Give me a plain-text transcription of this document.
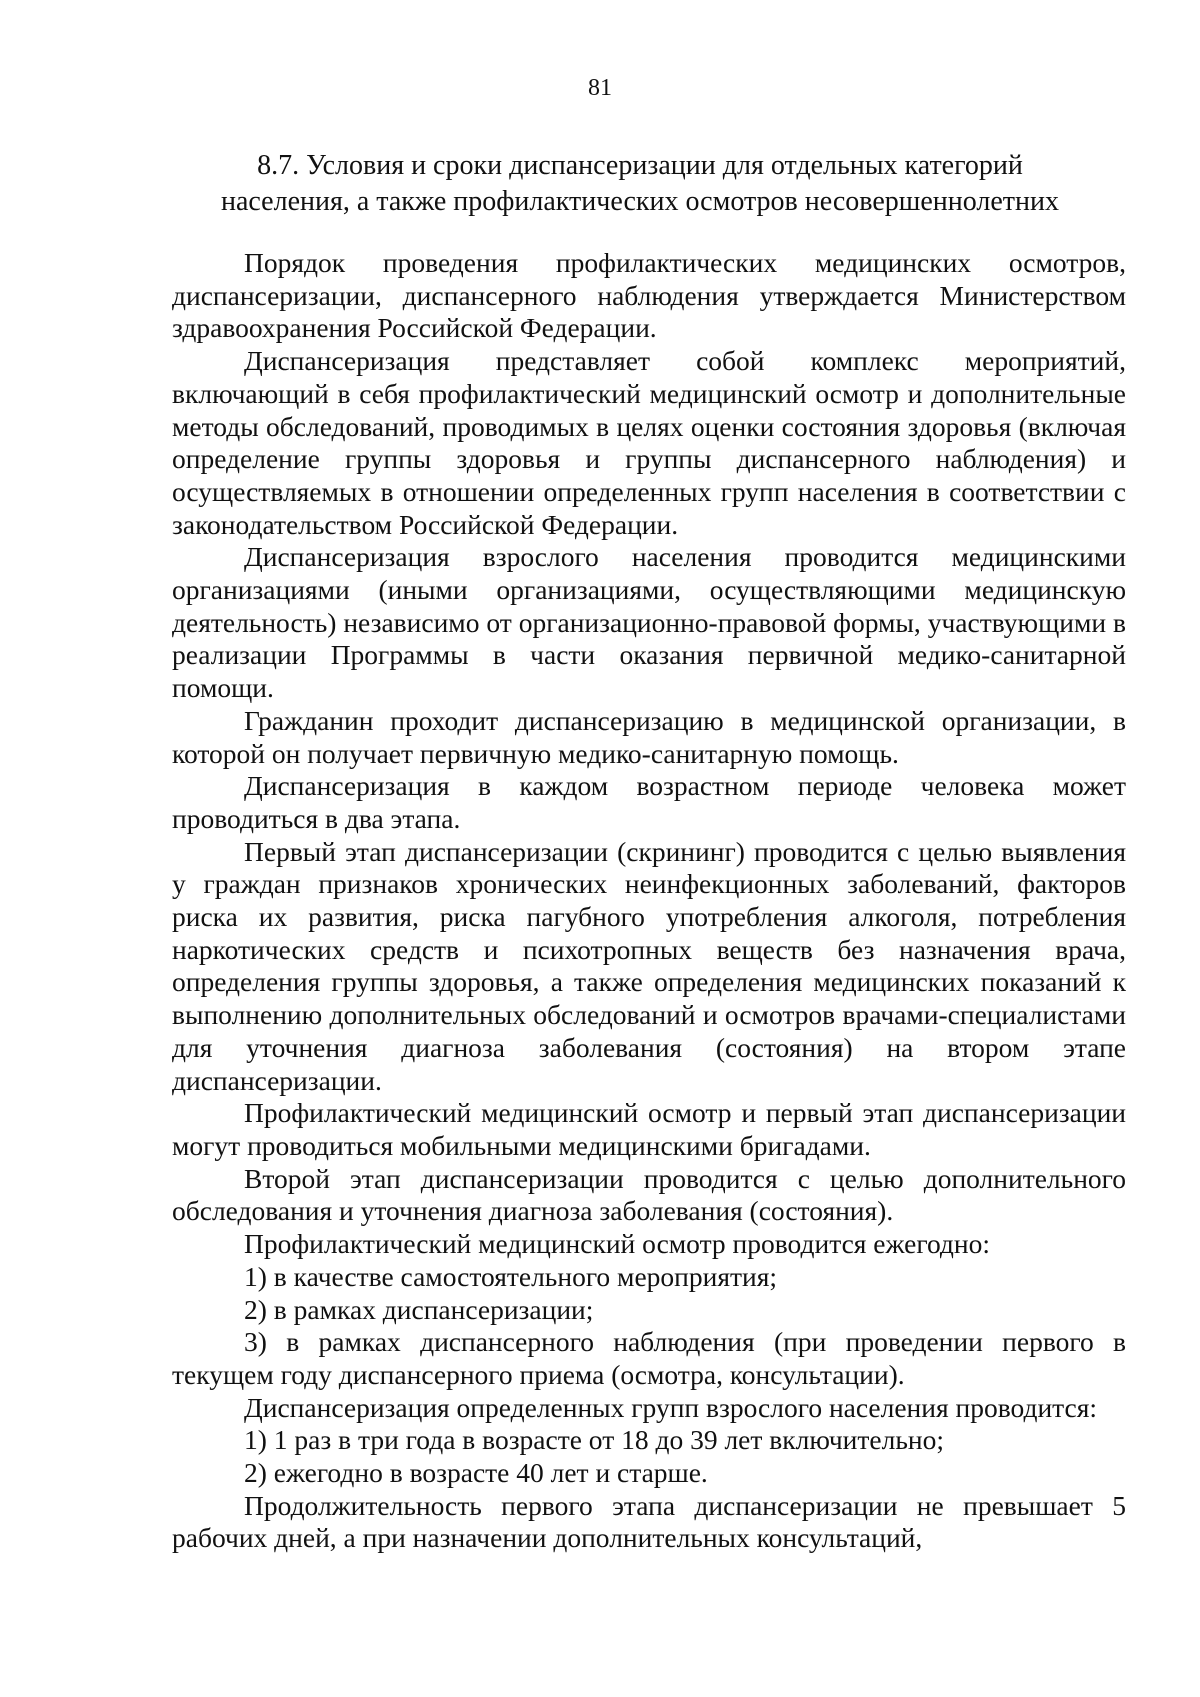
81
8.7. Условия и сроки диспансеризации для отдельных категорий
населения, а также профилактических осмотров несовершеннолетних

Порядок проведения профилактических медицинских осмотров, диспансеризации, диспансерного наблюдения утверждается Министерством здравоохранения Российской Федерации.

Диспансеризация представляет собой комплекс мероприятий, включающий в себя профилактический медицинский осмотр и дополнительные методы обследований, проводимых в целях оценки состояния здоровья (включая определение группы здоровья и группы диспансерного наблюдения) и осуществляемых в отношении определенных групп населения в соответствии с законодательством Российской Федерации.

Диспансеризация взрослого населения проводится медицинскими организациями (иными организациями, осуществляющими медицинскую деятельность) независимо от организационно-правовой формы, участвующими в реализации Программы в части оказания первичной медико-санитарной помощи.

Гражданин проходит диспансеризацию в медицинской организации, в которой он получает первичную медико-санитарную помощь.

Диспансеризация в каждом возрастном периоде человека может проводиться в два этапа.

Первый этап диспансеризации (скрининг) проводится с целью выявления у граждан признаков хронических неинфекционных заболеваний, факторов риска их развития, риска пагубного употребления алкоголя, потребления наркотических средств и психотропных веществ без назначения врача, определения группы здоровья, а также определения медицинских показаний к выполнению дополнительных обследований и осмотров врачами-специалистами для уточнения диагноза заболевания (состояния) на втором этапе диспансеризации.

Профилактический медицинский осмотр и первый этап диспансеризации могут проводиться мобильными медицинскими бригадами.

Второй этап диспансеризации проводится с целью дополнительного обследования и уточнения диагноза заболевания (состояния).

Профилактический медицинский осмотр проводится ежегодно:

1) в качестве самостоятельного мероприятия;

2) в рамках диспансеризации;

3) в рамках диспансерного наблюдения (при проведении первого в текущем году диспансерного приема (осмотра, консультации).

Диспансеризация определенных групп взрослого населения проводится:

1) 1 раз в три года в возрасте от 18 до 39 лет включительно;

2) ежегодно в возрасте 40 лет и старше.

Продолжительность первого этапа диспансеризации не превышает 5 рабочих дней, а при назначении дополнительных консультаций,
